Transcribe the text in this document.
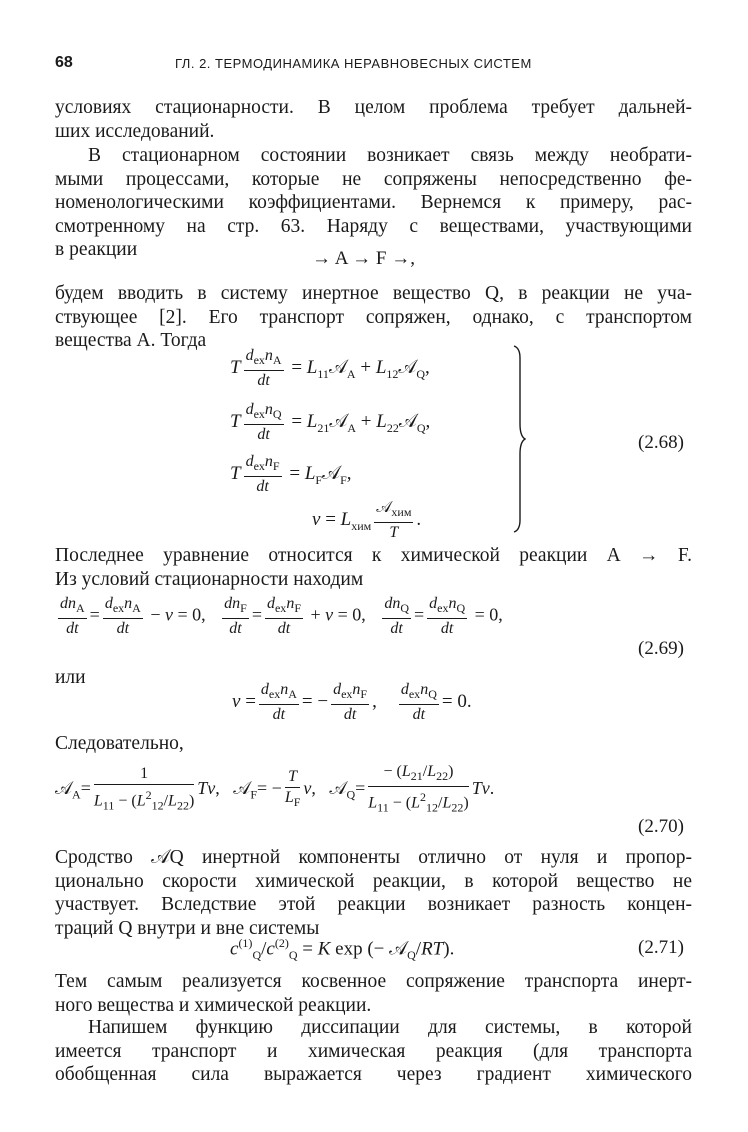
68	ГЛ. 2. ТЕРМОДИНАМИКА НЕРАВНОВЕСНЫХ СИСТЕМ
условиях стационарности. В целом проблема требует дальней-
ших исследований.
В стационарном состоянии возникает связь между необрати-
мыми процессами, которые не сопряжены непосредственно фе-
номенологическими коэффициентами. Вернемся к примеру, рас-
смотренному на стр. 63. Наряду с веществами, участвующими
в реакции	→ A → F →,
будем вводить в систему инертное вещество Q, в реакции не уча-
ствующее [2]. Его транспорт сопряжен, однако, с транспортом
вещества A. Тогда
T $\frac{d_{ex}n_A}{dt}$ = $L_{11}𝒜_A$ + $L_{12}𝒜_Q$,
T $\frac{d_{ex}n_Q}{dt}$ = $L_{21}𝒜_A$ + $L_{22}𝒜_Q$,
T $\frac{d_{ex}n_F}{dt}$ = $L_F𝒜_F$,
$v = L_{хим} \frac{𝒜_{хим}}{T}$ .
(2.68)
Последнее уравнение относится к химической реакции A → F.
Из условий стационарности находим
$\frac{dn_A}{dt} = \frac{d_{ex}n_A}{dt} - v = 0$, $\frac{dn_F}{dt} = \frac{d_{ex}n_F}{dt} + v = 0$, $\frac{dn_Q}{dt} = \frac{d_{ex}n_Q}{dt} = 0$,
(2.69)
или
$v = \frac{d_{ex}n_A}{dt}$ = − $\frac{d_{ex}n_F}{dt}$ , $\frac{d_{ex}n_Q}{dt} = 0$.
Следовательно,
𝒜$_A$= $\frac{1}{L_{11} - (L^2_{12}/L_{22})} Tv$,   𝒜$_F$= − $\frac{T}{L_F} v$,   𝒜$_Q$= $\frac{- (L_{21}/L_{22})}{L_{11} - (L^2_{12}/L_{22})} Tv$.
(2.70)
Сродство 𝒜Q инертной компоненты отлично от нуля и пропор-
ционально скорости химической реакции, в которой вещество не
участвует. Вследствие этой реакции возникает разность концен-
траций Q внутри и вне системы
$c^{(1)}_Q/c^{(2)}_Q = K$ exp (− 𝒜$_Q$/RT).	(2.71)
Тем самым реализуется косвенное сопряжение транспорта инерт-
ного вещества и химической реакции.
Напишем функцию диссипации для системы, в которой
имеется транспорт и химическая реакция (для транспорта
обобщенная сила выражается через градиент химического
